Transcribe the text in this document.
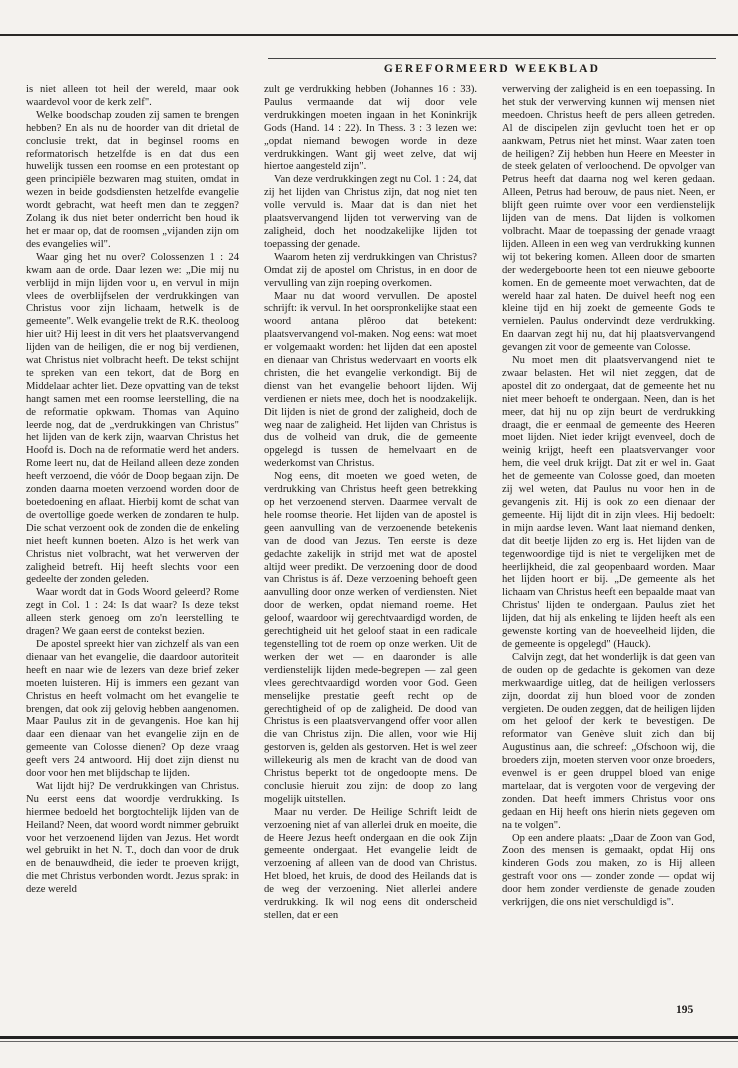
GEREFORMEERD WEEKBLAD

is niet alleen tot heil der wereld, maar ook waardevol voor de kerk zelf".

Welke boodschap zouden zij samen te brengen hebben? En als nu de hoorder van dit drietal de conclusie trekt, dat in beginsel rooms en reformatorisch hetzelfde is en dat dus een huwelijk tussen een roomse en een protestant op geen principiële bezwaren mag stuiten, omdat in wezen in beide godsdiensten hetzelfde evangelie wordt gebracht, wat heeft men dan te zeggen? Zolang ik dus niet beter onderricht ben houd ik het er maar op, dat de roomsen „vijanden zijn om des evangelies wil".

Waar ging het nu over? Colossenzen 1 : 24 kwam aan de orde. Daar lezen we: „Die mij nu verblijd in mijn lijden voor u, en vervul in mijn vlees de overblijfselen der verdrukkingen van Christus voor zijn lichaam, hetwelk is de gemeente". Welk evangelie trekt de R.K. theoloog hier uit? Hij leest in dit vers het plaatsvervangend lijden van de heiligen, die er nog bij verdienen, wat Christus niet volbracht heeft. De tekst schijnt te spreken van een tekort, dat de Borg en Middelaar achter liet. Deze opvatting van de tekst hangt samen met een roomse leerstelling, die na de reformatie opkwam. Thomas van Aquino leerde nog, dat de „verdrukkingen van Christus" het lijden van de kerk zijn, waarvan Christus het Hoofd is. Doch na de reformatie werd het anders. Rome leert nu, dat de Heiland alleen deze zonden heeft verzoend, die vóór de Doop begaan zijn. De zonden daarna moeten verzoend worden door de boetedoening en aflaat. Hierbij komt de schat van de overtollige goede werken de zondaren te hulp. Die schat verzoent ook de zonden die de enkeling niet heeft kunnen boeten. Alzo is het werk van Christus niet volbracht, wat het verwerven der zaligheid betreft. Hij heeft slechts voor een gedeelte der zonden geleden.

Waar wordt dat in Gods Woord geleerd? Rome zegt in Col. 1 : 24: Is dat waar? Is deze tekst alleen sterk genoeg om zo'n leerstelling te dragen? We gaan eerst de contekst bezien.

De apostel spreekt hier van zichzelf als van een dienaar van het evangelie, die daardoor autoriteit heeft en naar wie de lezers van deze brief zeker moeten luisteren. Hij is immers een gezant van Christus en heeft volmacht om het evangelie te brengen, dat ook zij gelovig hebben aangenomen. Maar Paulus zit in de gevangenis. Hoe kan hij daar een dienaar van het evangelie zijn en de gemeente van Colosse dienen? Op deze vraag geeft vers 24 antwoord. Hij doet zijn dienst nu door voor hen met blijdschap te lijden.

Wat lijdt hij? De verdrukkingen van Christus. Nu eerst eens dat woordje verdrukking. Is hiermee bedoeld het borgtochtelijk lijden van de Heiland? Neen, dat woord wordt nimmer gebruikt voor het verzoenend lijden van Jezus. Het wordt wel gebruikt in het N. T., doch dan voor de druk en de benauwdheid, die ieder te proeven krijgt, die met Christus verbonden wordt. Jezus sprak: in deze wereld

zult ge verdrukking hebben (Johannes 16 : 33). Paulus vermaande dat wij door vele verdrukkingen moeten ingaan in het Koninkrijk Gods (Hand. 14 : 22). In Thess. 3 : 3 lezen we: „opdat niemand bewogen worde in deze verdrukkingen. Want gij weet zelve, dat wij hiertoe aangesteld zijn".

Van deze verdrukkingen zegt nu Col. 1 : 24, dat zij het lijden van Christus zijn, dat nog niet ten volle vervuld is. Maar dat is dan niet het plaatsvervangend lijden tot verwerving van de zaligheid, doch het noodzakelijke lijden tot toepassing der genade.

Waarom heten zij verdrukkingen van Christus? Omdat zij de apostel om Christus, in en door de vervulling van zijn roeping overkomen.

Maar nu dat woord vervullen. De apostel schrijft: ik vervul. In het oorspronkelijke staat een woord antana plêroo dat betekent: plaatsvervangend vol-maken. Nog eens: wat moet er volgemaakt worden: het lijden dat een apostel en dienaar van Christus wedervaart en voorts elk christen, die het evangelie verkondigt. Bij de dienst van het evangelie behoort lijden. Wij verdienen er niets mee, doch het is noodzakelijk. Dit lijden is niet de grond der zaligheid, doch de weg naar de zaligheid. Het lijden van Christus is dus de volheid van druk, die de gemeente opgelegd is tussen de hemelvaart en de wederkomst van Christus.

Nog eens, dit moeten we goed weten, de verdrukking van Christus heeft geen betrekking op het verzoenend sterven. Daarmee vervalt de hele roomse theorie. Het lijden van de apostel is geen aanvulling van de verzoenende betekenis van de dood van Jezus. Ten eerste is deze gedachte zakelijk in strijd met wat de apostel altijd weer predikt. De verzoening door de dood van Christus is áf. Deze verzoening behoeft geen aanvulling door onze werken of verdiensten. Niet door de werken, opdat niemand roeme. Het geloof, waardoor wij gerechtvaardigd worden, de gerechtigheid uit het geloof staat in een radicale tegenstelling tot de roem op onze werken. Uit de werken der wet — en daaronder is alle verdienstelijk lijden mede-begrepen — zal geen vlees gerechtvaardigd worden voor God. Geen menselijke prestatie geeft recht op de gerechtigheid of op de zaligheid. De dood van Christus is een plaatsvervangend offer voor allen die van Christus zijn. Die allen, voor wie Hij gestorven is, gelden als gestorven. Het is wel zeer willekeurig als men de kracht van de dood van Christus beperkt tot de ongedoopte mens. De conclusie hieruit zou zijn: de doop zo lang mogelijk uitstellen.

Maar nu verder. De Heilige Schrift leidt de verzoening niet af van allerlei druk en moeite, die de Heere Jezus heeft ondergaan en die ook Zijn gemeente ondergaat. Het evangelie leidt de verzoening af alleen van de dood van Christus. Het bloed, het kruis, de dood des Heilands dat is de weg der verzoening. Niet allerlei andere verdrukking. Ik wil nog eens dit onderscheid stellen, dat er een

verwerving der zaligheid is en een toepassing. In het stuk der verwerving kunnen wij mensen niet meedoen. Christus heeft de pers alleen getreden. Al de discipelen zijn gevlucht toen het er op aankwam, Petrus niet het minst. Waar zaten toen de heiligen? Zij hebben hun Heere en Meester in de steek gelaten of verloochend. De opvolger van Petrus heeft dat daarna nog wel keren gedaan. Alleen, Petrus had berouw, de paus niet. Neen, er blijft geen ruimte over voor een verdienstelijk lijden van de mens. Dat lijden is volkomen volbracht. Maar de toepassing der genade vraagt lijden. Alleen in een weg van verdrukking kunnen wij tot bekering komen. Alleen door de smarten der wedergeboorte heen tot een nieuwe geboorte komen. En de gemeente moet verwachten, dat de wereld haar zal haten. De duivel heeft nog een kleine tijd en hij zoekt de gemeente Gods te vernielen. Paulus ondervindt deze verdrukking. En daarvan zegt hij nu, dat hij plaatsvervangend gevangen zit voor de gemeente van Colosse.

Nu moet men dit plaatsvervangend niet te zwaar belasten. Het wil niet zeggen, dat de apostel dit zo ondergaat, dat de gemeente het nu niet meer behoeft te ondergaan. Neen, dan is het meer, dat hij nu op zijn beurt de verdrukking draagt, die er eenmaal de gemeente des Heeren moet lijden. Niet ieder krijgt evenveel, doch de weinig krijgt, heeft een plaatsvervanger voor hem, die veel druk krijgt. Dat zit er wel in. Gaat het de gemeente van Colosse goed, dan moeten zij wel weten, dat Paulus nu voor hen in de gevangenis zit. Hij is ook zo een dienaar der gemeente. Hij lijdt dit in zijn vlees. Hij bedoelt: in mijn aardse leven. Want laat niemand denken, dat dit beetje lijden zo erg is. Het lijden van de tegenwoordige tijd is niet te vergelijken met de heerlijkheid, die zal geopenbaard worden. Maar het lijden hoort er bij. „De gemeente als het lichaam van Christus heeft een bepaalde maat van Christus' lijden te ondergaan. Paulus ziet het lijden, dat hij als enkeling te lijden heeft als een gewenste korting van de hoeveelheid lijden, die de gemeente is opgelegd" (Hauck).

Calvijn zegt, dat het wonderlijk is dat geen van de ouden op de gedachte is gekomen van deze merkwaardige uitleg, dat de heiligen verlossers zijn, doordat zij hun bloed voor de zonden vergieten. De ouden zeggen, dat de heiligen lijden om het geloof der kerk te bevestigen. De reformator van Genève sluit zich dan bij Augustinus aan, die schreef: „Ofschoon wij, die broeders zijn, moeten sterven voor onze broeders, evenwel is er geen druppel bloed van enige martelaar, dat is vergoten voor de vergeving der zonden. Dat heeft immers Christus voor ons gedaan en Hij heeft ons hierin niets gegeven om na te volgen".

Op een andere plaats: „Daar de Zoon van God, Zoon des mensen is gemaakt, opdat Hij ons kinderen Gods zou maken, zo is Hij alleen gestraft voor ons — zonder zonde — opdat wij door hem zonder verdienste de genade zouden verkrijgen, die ons niet verschuldigd is".

195
